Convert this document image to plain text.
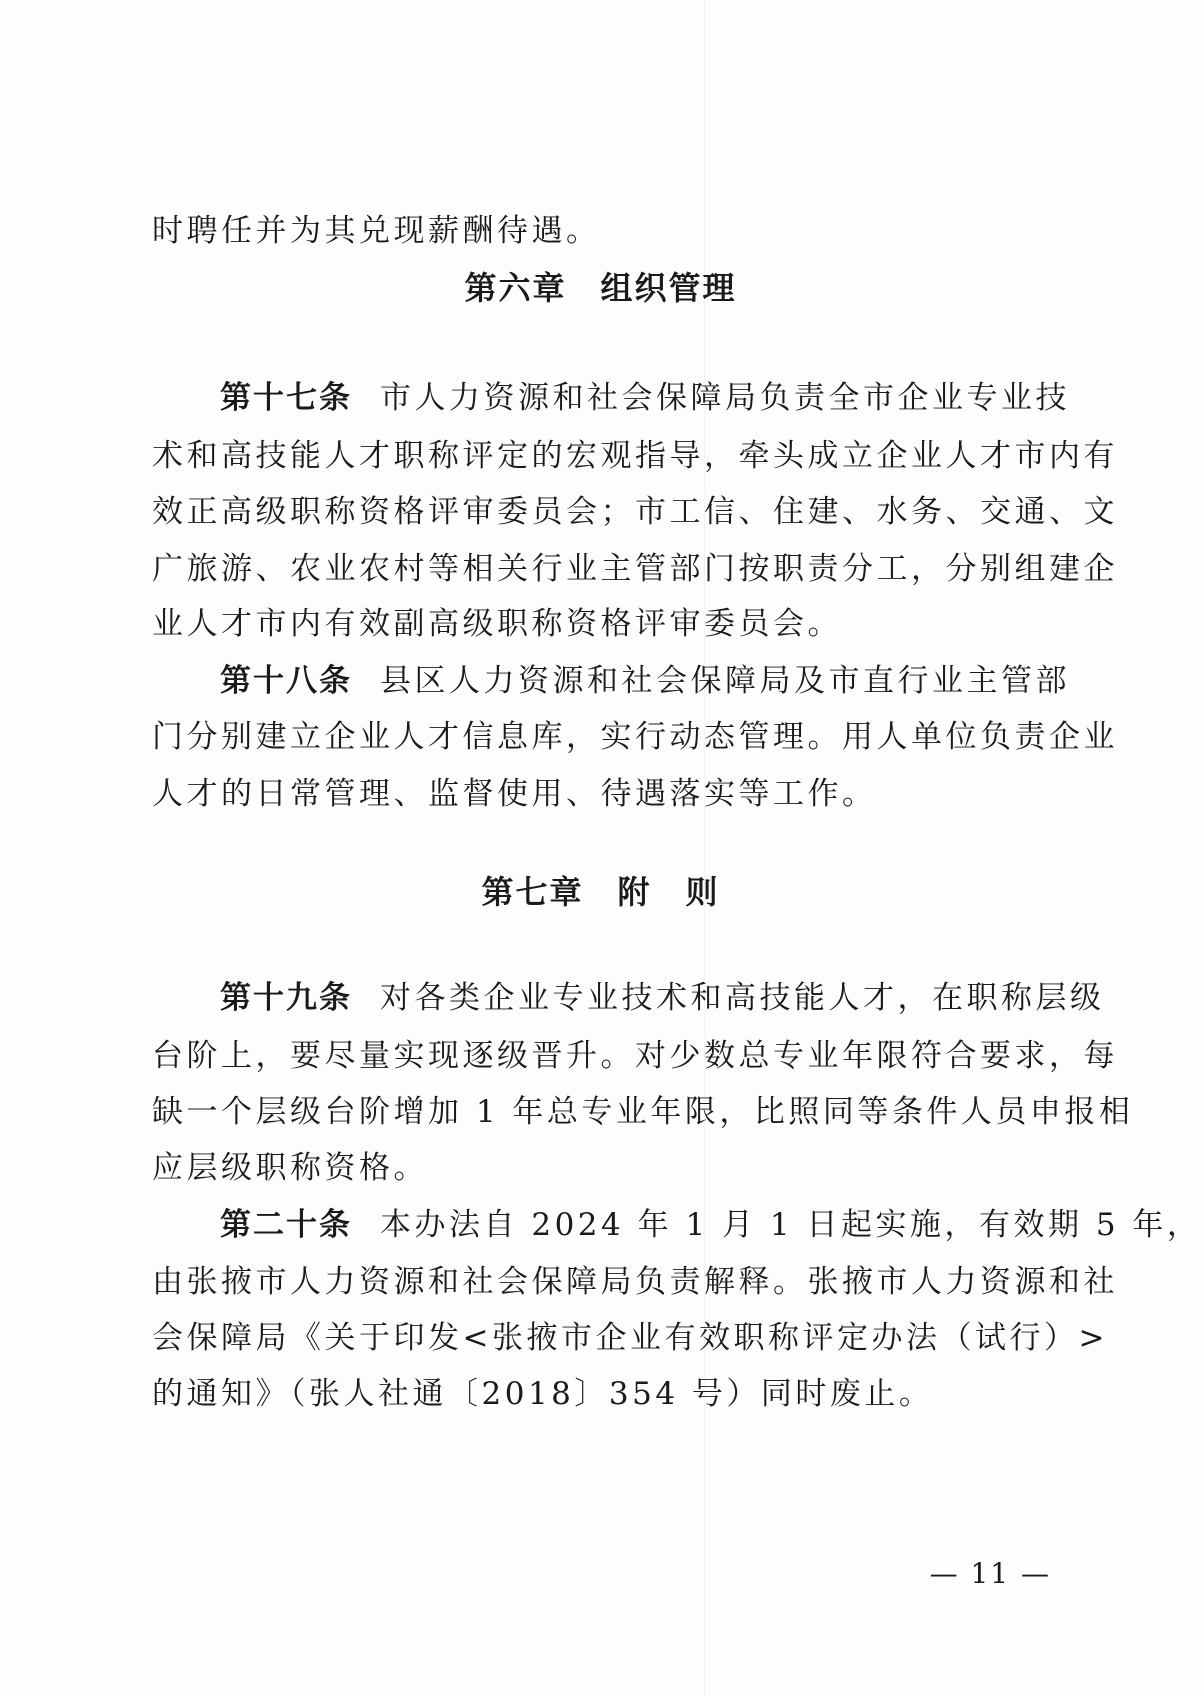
时聘任并为其兑现薪酬待遇。
第六章　组织管理
第十七条 市人力资源和社会保障局负责全市企业专业技
术和高技能人才职称评定的宏观指导，牵头成立企业人才市内有
效正高级职称资格评审委员会；市工信、住建、水务、交通、文
广旅游、农业农村等相关行业主管部门按职责分工，分别组建企
业人才市内有效副高级职称资格评审委员会。
第十八条 县区人力资源和社会保障局及市直行业主管部
门分别建立企业人才信息库，实行动态管理。用人单位负责企业
人才的日常管理、监督使用、待遇落实等工作。
第七章　附　则
第十九条 对各类企业专业技术和高技能人才，在职称层级
台阶上，要尽量实现逐级晋升。对少数总专业年限符合要求，每
缺一个层级台阶增加 1 年总专业年限，比照同等条件人员申报相
应层级职称资格。
第二十条 本办法自 2024 年 1 月 1 日起实施，有效期 5 年，
由张掖市人力资源和社会保障局负责解释。张掖市人力资源和社
会保障局《关于印发<张掖市企业有效职称评定办法（试行）>
的通知》（张人社通〔2018〕354 号）同时废止。
— 11 —
